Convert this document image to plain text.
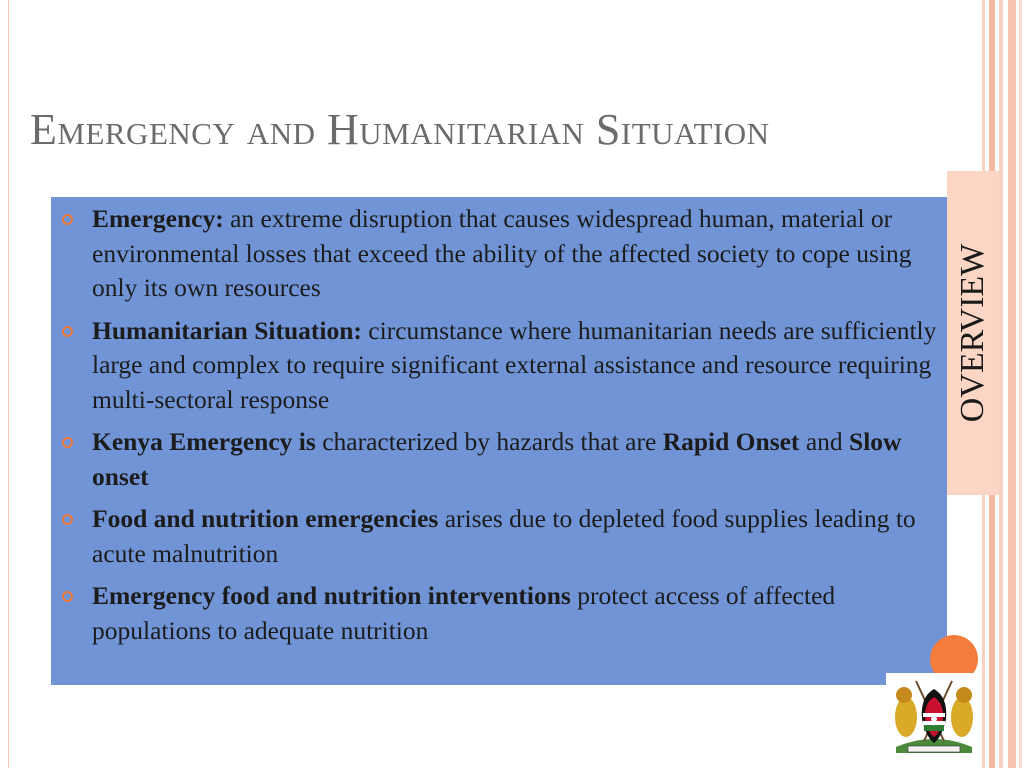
Emergency and Humanitarian Situation
Emergency: an extreme disruption that causes widespread human, material or environmental losses that exceed the ability of the affected society to cope using only its own resources
Humanitarian Situation: circumstance where humanitarian needs are sufficiently large and complex to require significant external assistance and resource requiring multi-sectoral response
Kenya Emergency is characterized by hazards that are Rapid Onset and Slow onset
Food and nutrition emergencies arises due to depleted food supplies leading to acute malnutrition
Emergency food and nutrition interventions protect access of affected populations to adequate nutrition
OVERVIEW
